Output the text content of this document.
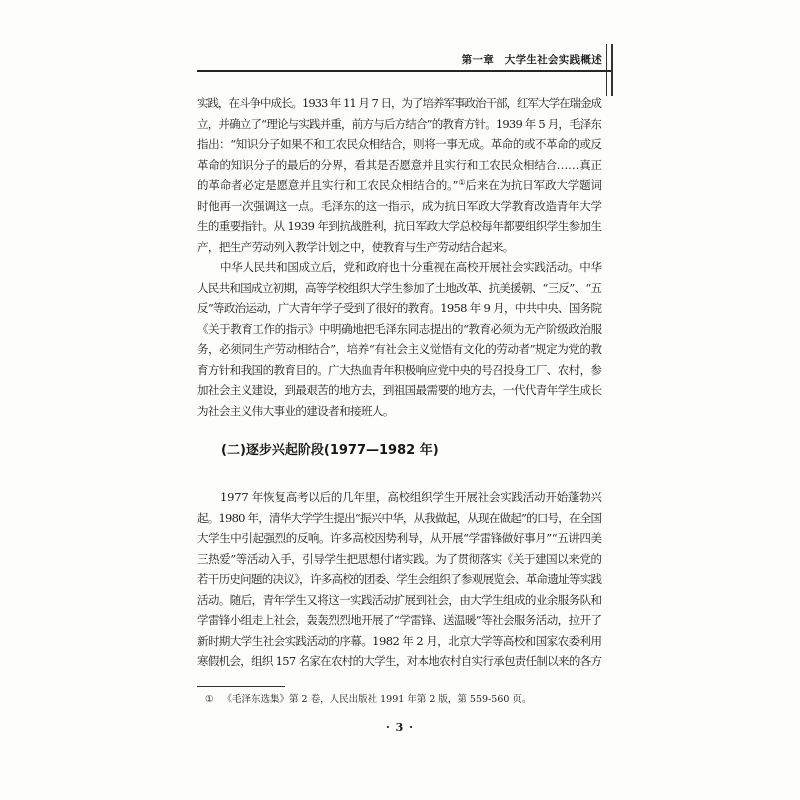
第一章　大学生社会实践概述
实践，在斗争中成长。1933 年 11 月 7 日，为了培养军事政治干部，红军大学在瑞金成
立，并确立了“理论与实践并重，前方与后方结合”的教育方针。1939 年 5 月，毛泽东
指出：“知识分子如果不和工农民众相结合，则将一事无成。革命的或不革命的或反
革命的知识分子的最后的分界，看其是否愿意并且实行和工农民众相结合……真正
的革命者必定是愿意并且实行和工农民众相结合的。”①后来在为抗日军政大学题词
时他再一次强调这一点。毛泽东的这一指示，成为抗日军政大学教育改造青年大学
生的重要指针。从 1939 年到抗战胜利，抗日军政大学总校每年都要组织学生参加生
产，把生产劳动列入教学计划之中，使教育与生产劳动结合起来。
中华人民共和国成立后，党和政府也十分重视在高校开展社会实践活动。中华
人民共和国成立初期，高等学校组织大学生参加了土地改革、抗美援朝、“三反”、“五
反”等政治运动，广大青年学子受到了很好的教育。1958 年 9 月，中共中央、国务院
《关于教育工作的指示》中明确地把毛泽东同志提出的“教育必须为无产阶级政治服
务，必须同生产劳动相结合”，培养“有社会主义觉悟有文化的劳动者”规定为党的教
育方针和我国的教育目的。广大热血青年积极响应党中央的号召投身工厂、农村，参
加社会主义建设，到最艰苦的地方去，到祖国最需要的地方去，一代代青年学生成长
为社会主义伟大事业的建设者和接班人。
(二)逐步兴起阶段(1977—1982 年)
1977 年恢复高考以后的几年里，高校组织学生开展社会实践活动开始蓬勃兴
起。1980 年，清华大学学生提出“振兴中华，从我做起，从现在做起”的口号，在全国
大学生中引起强烈的反响。许多高校因势利导，从开展“学雷锋做好事月”“五讲四美
三热爱”等活动入手，引导学生把思想付诸实践。为了贯彻落实《关于建国以来党的
若干历史问题的决议》，许多高校的团委、学生会组织了参观展览会、革命遗址等实践
活动。随后，青年学生又将这一实践活动扩展到社会，由大学生组成的业余服务队和
学雷锋小组走上社会，轰轰烈烈地开展了“学雷锋、送温暖”等社会服务活动，拉开了
新时期大学生社会实践活动的序幕。1982 年 2 月，北京大学等高校和国家农委利用
寒假机会，组织 157 名家在农村的大学生，对本地农村自实行承包责任制以来的各方
① 《毛泽东选集》第 2 卷，人民出版社 1991 年第 2 版，第 559-560 页。
· 3 ·
